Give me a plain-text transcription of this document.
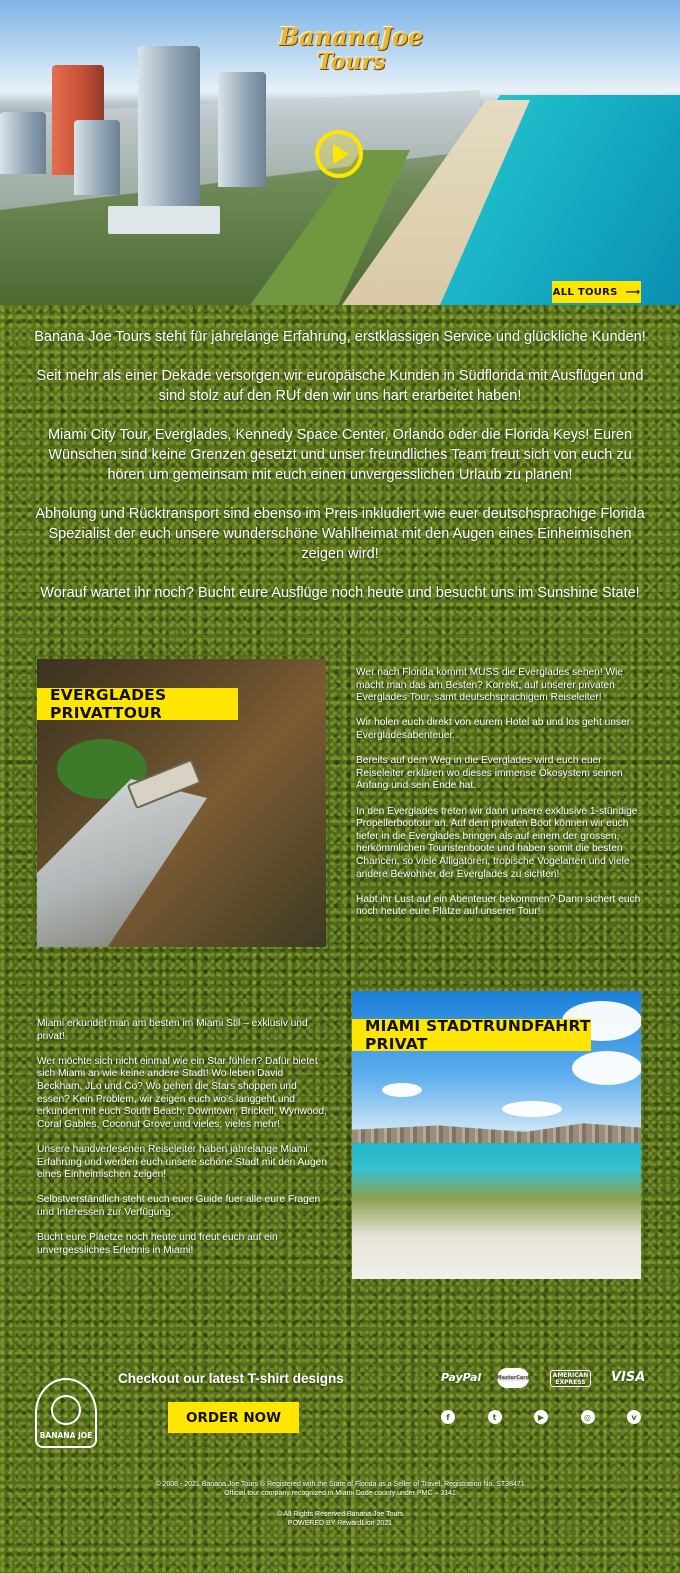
BananaJoe
Tours
ALL TOURS ⟶

Banana Joe Tours steht für jahrelange Erfahrung, erstklassigen Service und glückliche Kunden!

Seit mehr als einer Dekade versorgen wir europäische Kunden in Südflorida mit Ausflügen und sind stolz auf den RUf den wir uns hart erarbeitet haben!

Miami City Tour, Everglades, Kennedy Space Center, Orlando oder die Florida Keys! Euren Wünschen sind keine Grenzen gesetzt und unser freundliches Team freut sich von euch zu hören um gemeinsam mit euch einen unvergesslichen Urlaub zu planen!

Abholung und Rücktransport sind ebenso im Preis inkludiert wie euer deutschsprachige Florida Spezialist der euch unsere wunderschöne Wahlheimat mit den Augen eines Einheimischen zeigen wird!

Worauf wartet ihr noch? Bucht eure Ausflüge noch heute und besucht uns im Sunshine State!

EVERGLADES PRIVATTOUR

Wer nach Florida kommt MUSS die Everglades sehen! Wie macht man das am Besten? Korrekt, auf unserer privaten Everglades Tour, samt deutschsprachigem Reiseleiter!

Wir holen euch direkt von eurem Hotel ab und los geht unser Evergladesabenteuer.

Bereits auf dem Weg in die Everglades wird euch euer Reiseleiter erklären wo dieses immense Ökosystem seinen Anfang und sein Ende hat.

In den Everglades treten wir dann unsere exklusive 1-stündige Propellerbootour an. Auf dem privaten Boot können wir euch tiefer in die Everglades bringen als auf einem der grossen, herkömmlichen Touristenboote und haben somit die besten Chancen, so viele Alligatoren, tropische Vogelarten und viele andere Bewohner der Everglades zu sichten!

Habt ihr Lust auf ein Abenteuer bekommen? Dann sichert euch noch heute eure Plätze auf unserer Tour!

Miami erkundet man am besten im Miami Stil – exklusiv und privat!

Wer möchte sich nicht einmal wie ein Star fühlen? Dafür bietet sich Miami an wie keine andere Stadt! Wo leben David Beckham, JLo und Co? Wo gehen die Stars shoppen und essen? Kein Problem, wir zeigen euch wo's langgeht und erkunden mit euch South Beach, Downtown, Brickell, Wynwood, Coral Gables, Coconut Grove und vieles, vieles mehr!

Unsere handverlesenen Reiseleiter haben jahrelange Miami Erfahrung und werden euch unsere schöne Stadt mit den Augen eines Einheimischen zeigen!

Selbstverständlich steht euch euer Guide fuer alle eure Fragen und Interessen zur Verfügung.

Bucht eure Plaetze noch heute und freut euch auf ein unvergessliches Erlebnis in Miami!

MIAMI STADTRUNDFAHRT PRIVAT
BANANA JOE
Checkout our latest T-shirt designs
ORDER NOW
PayPal	MasterCard	AMERICAN EXPRESS	VISA
f	t	▶	◎	v
© 2008 - 2021 Banana Joe Tours ® Registered with the State of Florida as a Seller of Travel, Registration No. ST38471
Official tour company recognized in Miami Dade county under PMC – 3141
© All Rights Reserved Banana Joe Tours
POWERED BY RewardLion 2021
